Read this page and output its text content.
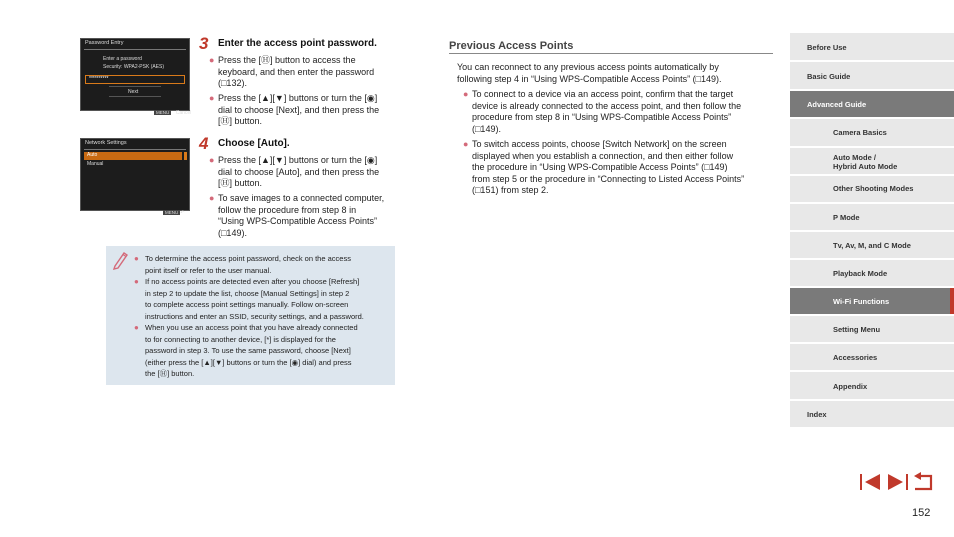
Password Entry
Enter a password
Security: WPA2-PSK (AES)
**********
Next
MENU Cancel
Network Settings
Auto
Manual
MENU ↶
3 Enter the access point password.
● Press the [Ⓗ] button to access the
keyboard, and then enter the password
(□132).
● Press the [▲][▼] buttons or turn the [◉]
dial to choose [Next], and then press the
[Ⓗ] button.
4 Choose [Auto].
● Press the [▲][▼] buttons or turn the [◉]
dial to choose [Auto], and then press the
[Ⓗ] button.
● To save images to a connected computer,
follow the procedure from step 8 in
“Using WPS-Compatible Access Points”
(□149).
● To determine the access point password, check on the access
point itself or refer to the user manual.
● If no access points are detected even after you choose [Refresh]
in step 2 to update the list, choose [Manual Settings] in step 2
to complete access point settings manually. Follow on-screen
instructions and enter an SSID, security settings, and a password.
● When you use an access point that you have already connected
to for connecting to another device, [*] is displayed for the
password in step 3. To use the same password, choose [Next]
(either press the [▲][▼] buttons or turn the [◉] dial) and press
the [Ⓗ] button.
Previous Access Points
You can reconnect to any previous access points automatically by
following step 4 in “Using WPS-Compatible Access Points” (□149).
● To connect to a device via an access point, confirm that the target
device is already connected to the access point, and then follow the
procedure from step 8 in “Using WPS-Compatible Access Points”
(□149).
● To switch access points, choose [Switch Network] on the screen
displayed when you establish a connection, and then either follow
the procedure in “Using WPS-Compatible Access Points” (□149)
from step 5 or the procedure in “Connecting to Listed Access Points”
(□151) from step 2.
Before Use
Basic Guide
Advanced Guide
Camera Basics
Auto Mode /
Hybrid Auto Mode
Other Shooting Modes
P Mode
Tv, Av, M, and C Mode
Playback Mode
Wi-Fi Functions
Setting Menu
Accessories
Appendix
Index
152
